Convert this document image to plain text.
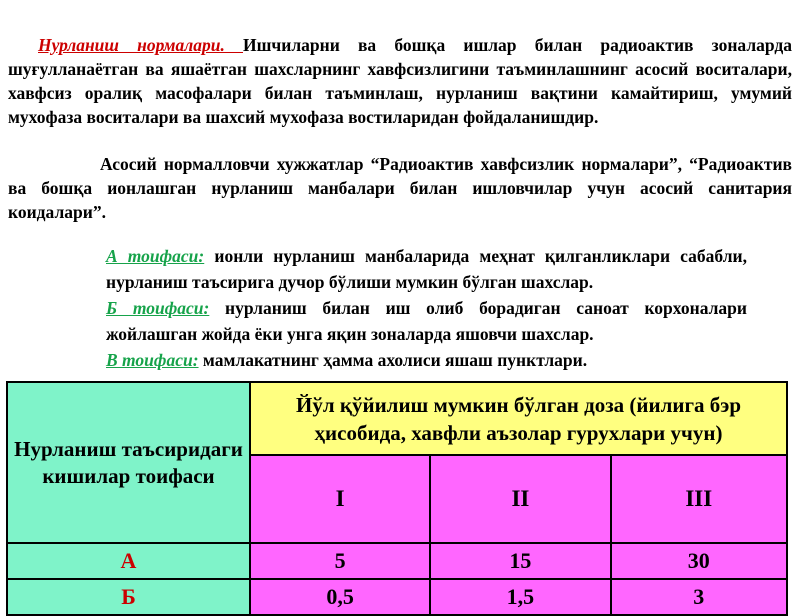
Нурланиш нормалари. Ишчиларни ва бошқа ишлар билан радиоактив зоналарда шуғулланаётган ва яшаётган шахсларнинг хавфсизлигини таъминлашнинг асосий воситалари, хавфсиз оралиқ масофалари билан таъминлаш, нурланиш вақтини камайтириш, умумий мухофаза воситалари ва шахсий мухофаза востиларидан фойдаланишдир.
Асосий нормалловчи хужжатлар “Радиоактив хавфсизлик нормалари”, “Радиоактив ва бошқа ионлашган нурланиш манбалари билан ишловчилар учун асосий санитария коидалари”.
А тоифаси: ионли нурланиш манбаларида меҳнат қилганликлари сабабли, нурланиш таъсирига дучор бўлиши мумкин бўлган шахслар.
Б тоифаси: нурланиш билан иш олиб борадиган саноат корхоналари жойлашган жойда ёки унга яқин зоналарда яшовчи шахслар.
В тоифаси: мамлакатнинг ҳамма ахолиси яшаш пунктлари.
Нурланиш таъсиридаги кишилар тоифаси	Йўл қўйилиш мумкин бўлган доза (йилига бэр ҳисобида, хавфли аъзолар гурухлари учун)		
	I	II	III
А	5	15	30
Б	0,5	1,5	3
